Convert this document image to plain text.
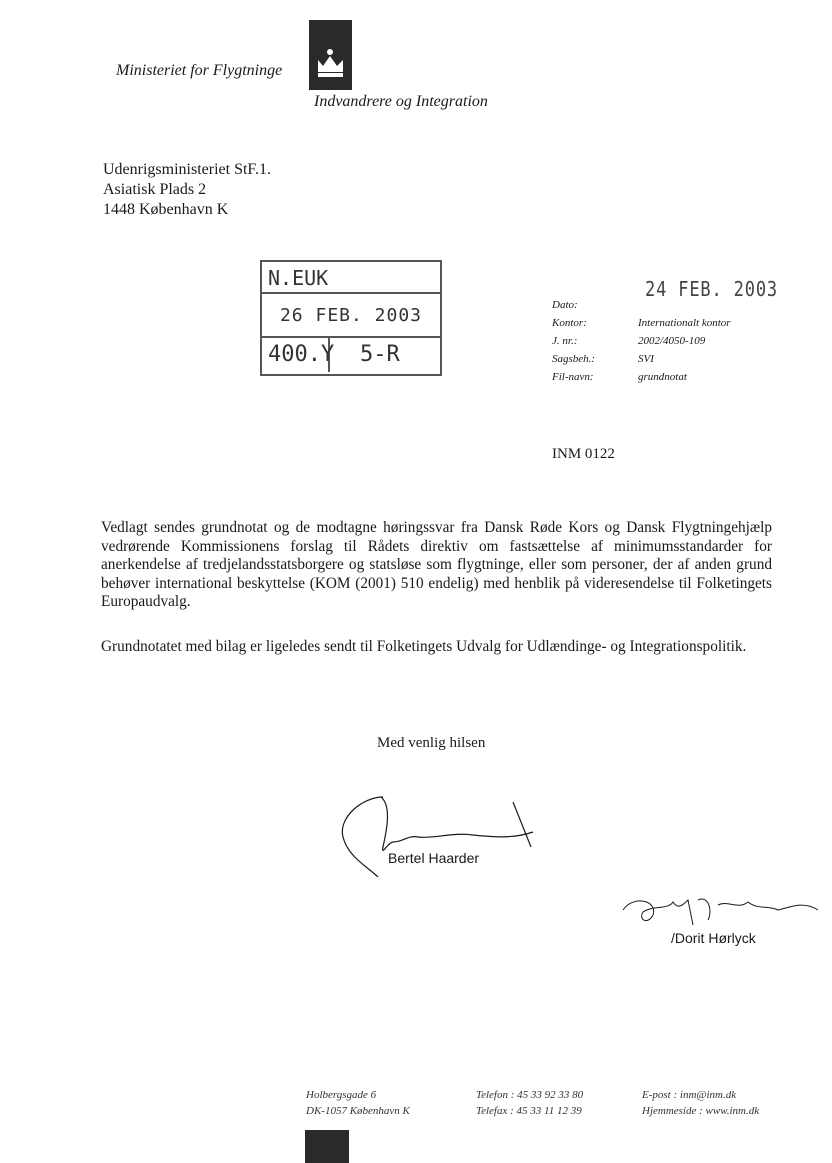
Ministeriet for Flygtninge
Indvandrere og Integration
Udenrigsministeriet StF.1.
Asiatisk Plads 2
1448 København K
N.EUK
26 FEB. 2003
400.Y 5-R
24 FEB. 2003
Dato:
Kontor:	Internationalt kontor
J. nr.:	2002/4050-109
Sagsbeh.:	SVI
Fil-navn:	grundnotat
INM 0122
Vedlagt sendes grundnotat og de modtagne høringssvar fra Dansk Røde Kors og Dansk Flygtningehjælp vedrørende Kommissionens forslag til Rådets direktiv om fastsættelse af minimumsstandarder for anerkendelse af tredjelandsstatsborgere og statsløse som flygtninge, eller som personer, der af anden grund behøver international beskyttelse (KOM (2001) 510 endelig) med henblik på videresendelse til Folketingets Europaudvalg.
Grundnotatet med bilag er ligeledes sendt til Folketingets Udvalg for Udlændinge- og Integrationspolitik.
Med venlig hilsen
Bertel Haarder
/Dorit Hørlyck
Holbergsgade 6
DK-1057 København K
Telefon : 45 33 92 33 80
Telefax : 45 33 11 12 39
E-post : inm@inm.dk
Hjemmeside : www.inm.dk
